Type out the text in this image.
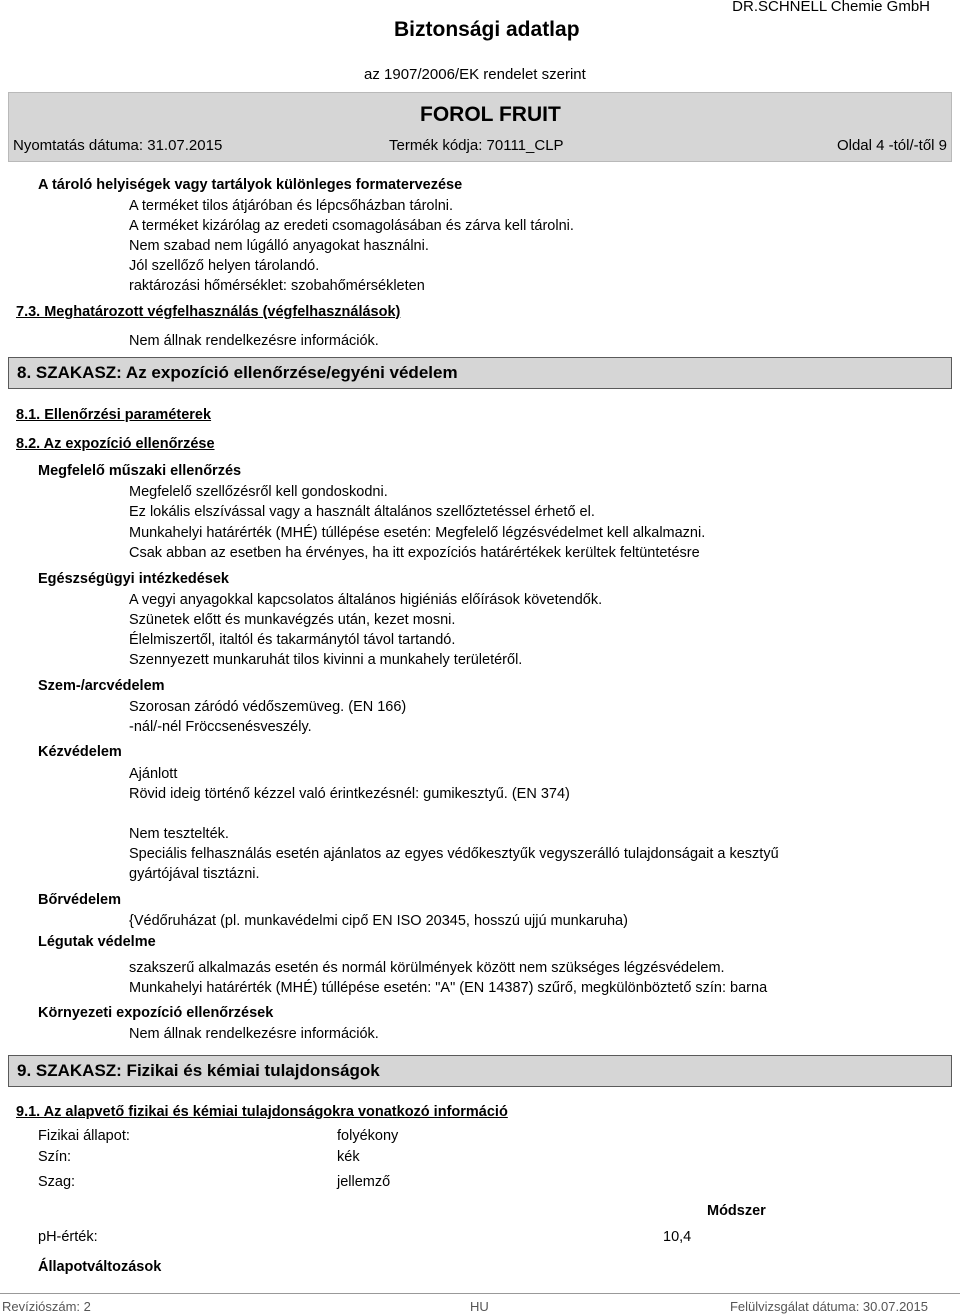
Biztonsági adatlap
DR.SCHNELL Chemie GmbH
az 1907/2006/EK rendelet szerint
FOROL FRUIT
Nyomtatás dátuma: 31.07.2015	Termék kódja: 70111_CLP	Oldal 4 -tól/-től 9
A tároló helyiségek vagy tartályok különleges formatervezése
A terméket tilos átjáróban és lépcsőházban tárolni.
A terméket kizárólag az eredeti csomagolásában és zárva kell tárolni.
Nem szabad nem lúgálló anyagokat használni.
Jól szellőző helyen tárolandó.
raktározási hőmérséklet: szobahőmérsékleten
7.3. Meghatározott végfelhasználás (végfelhasználások)
Nem állnak rendelkezésre információk.
8. SZAKASZ: Az expozíció ellenőrzése/egyéni védelem
8.1. Ellenőrzési paraméterek
8.2. Az expozíció ellenőrzése
Megfelelő műszaki ellenőrzés
Megfelelő szellőzésről kell gondoskodni.
Ez lokális elszívással vagy a használt általános szellőztetéssel érhető el.
Munkahelyi határérték (MHÉ) túllépése esetén: Megfelelő légzésvédelmet kell alkalmazni.
Csak abban az esetben ha érvényes, ha itt expozíciós határértékek kerültek feltüntetésre
Egészségügyi intézkedések
A vegyi anyagokkal kapcsolatos általános higiéniás előírások követendők.
Szünetek előtt és munkavégzés után, kezet mosni.
Élelmiszertől, italtól és takarmánytól távol tartandó.
Szennyezett munkaruhát tilos kivinni a munkahely területéről.
Szem-/arcvédelem
Szorosan záródó védőszemüveg. (EN 166)
-nál/-nél Fröccsenésveszély.
Kézvédelem
Ajánlott
Rövid ideig történő kézzel való érintkezésnél: gumikesztyű. (EN 374)
Nem tesztelték.
Speciális felhasználás esetén ajánlatos az egyes védőkesztyűk vegyszerálló tulajdonságait a kesztyű
gyártójával tisztázni.
Bőrvédelem
{Védőruházat (pl. munkavédelmi cipő EN ISO 20345, hosszú ujjú munkaruha)
Légutak védelme
szakszerű alkalmazás esetén és normál körülmények között nem szükséges légzésvédelem.
Munkahelyi határérték (MHÉ) túllépése esetén: "A" (EN 14387) szűrő, megkülönböztető szín: barna
Környezeti expozíció ellenőrzések
Nem állnak rendelkezésre információk.
9. SZAKASZ: Fizikai és kémiai tulajdonságok
9.1. Az alapvető fizikai és kémiai tulajdonságokra vonatkozó információ
Fizikai állapot:	folyékony
Szín:	kék
Szag:	jellemző
Módszer
pH-érték:	10,4
Állapotváltozások
Revíziószám: 2	HU	Felülvizsgálat dátuma: 30.07.2015
